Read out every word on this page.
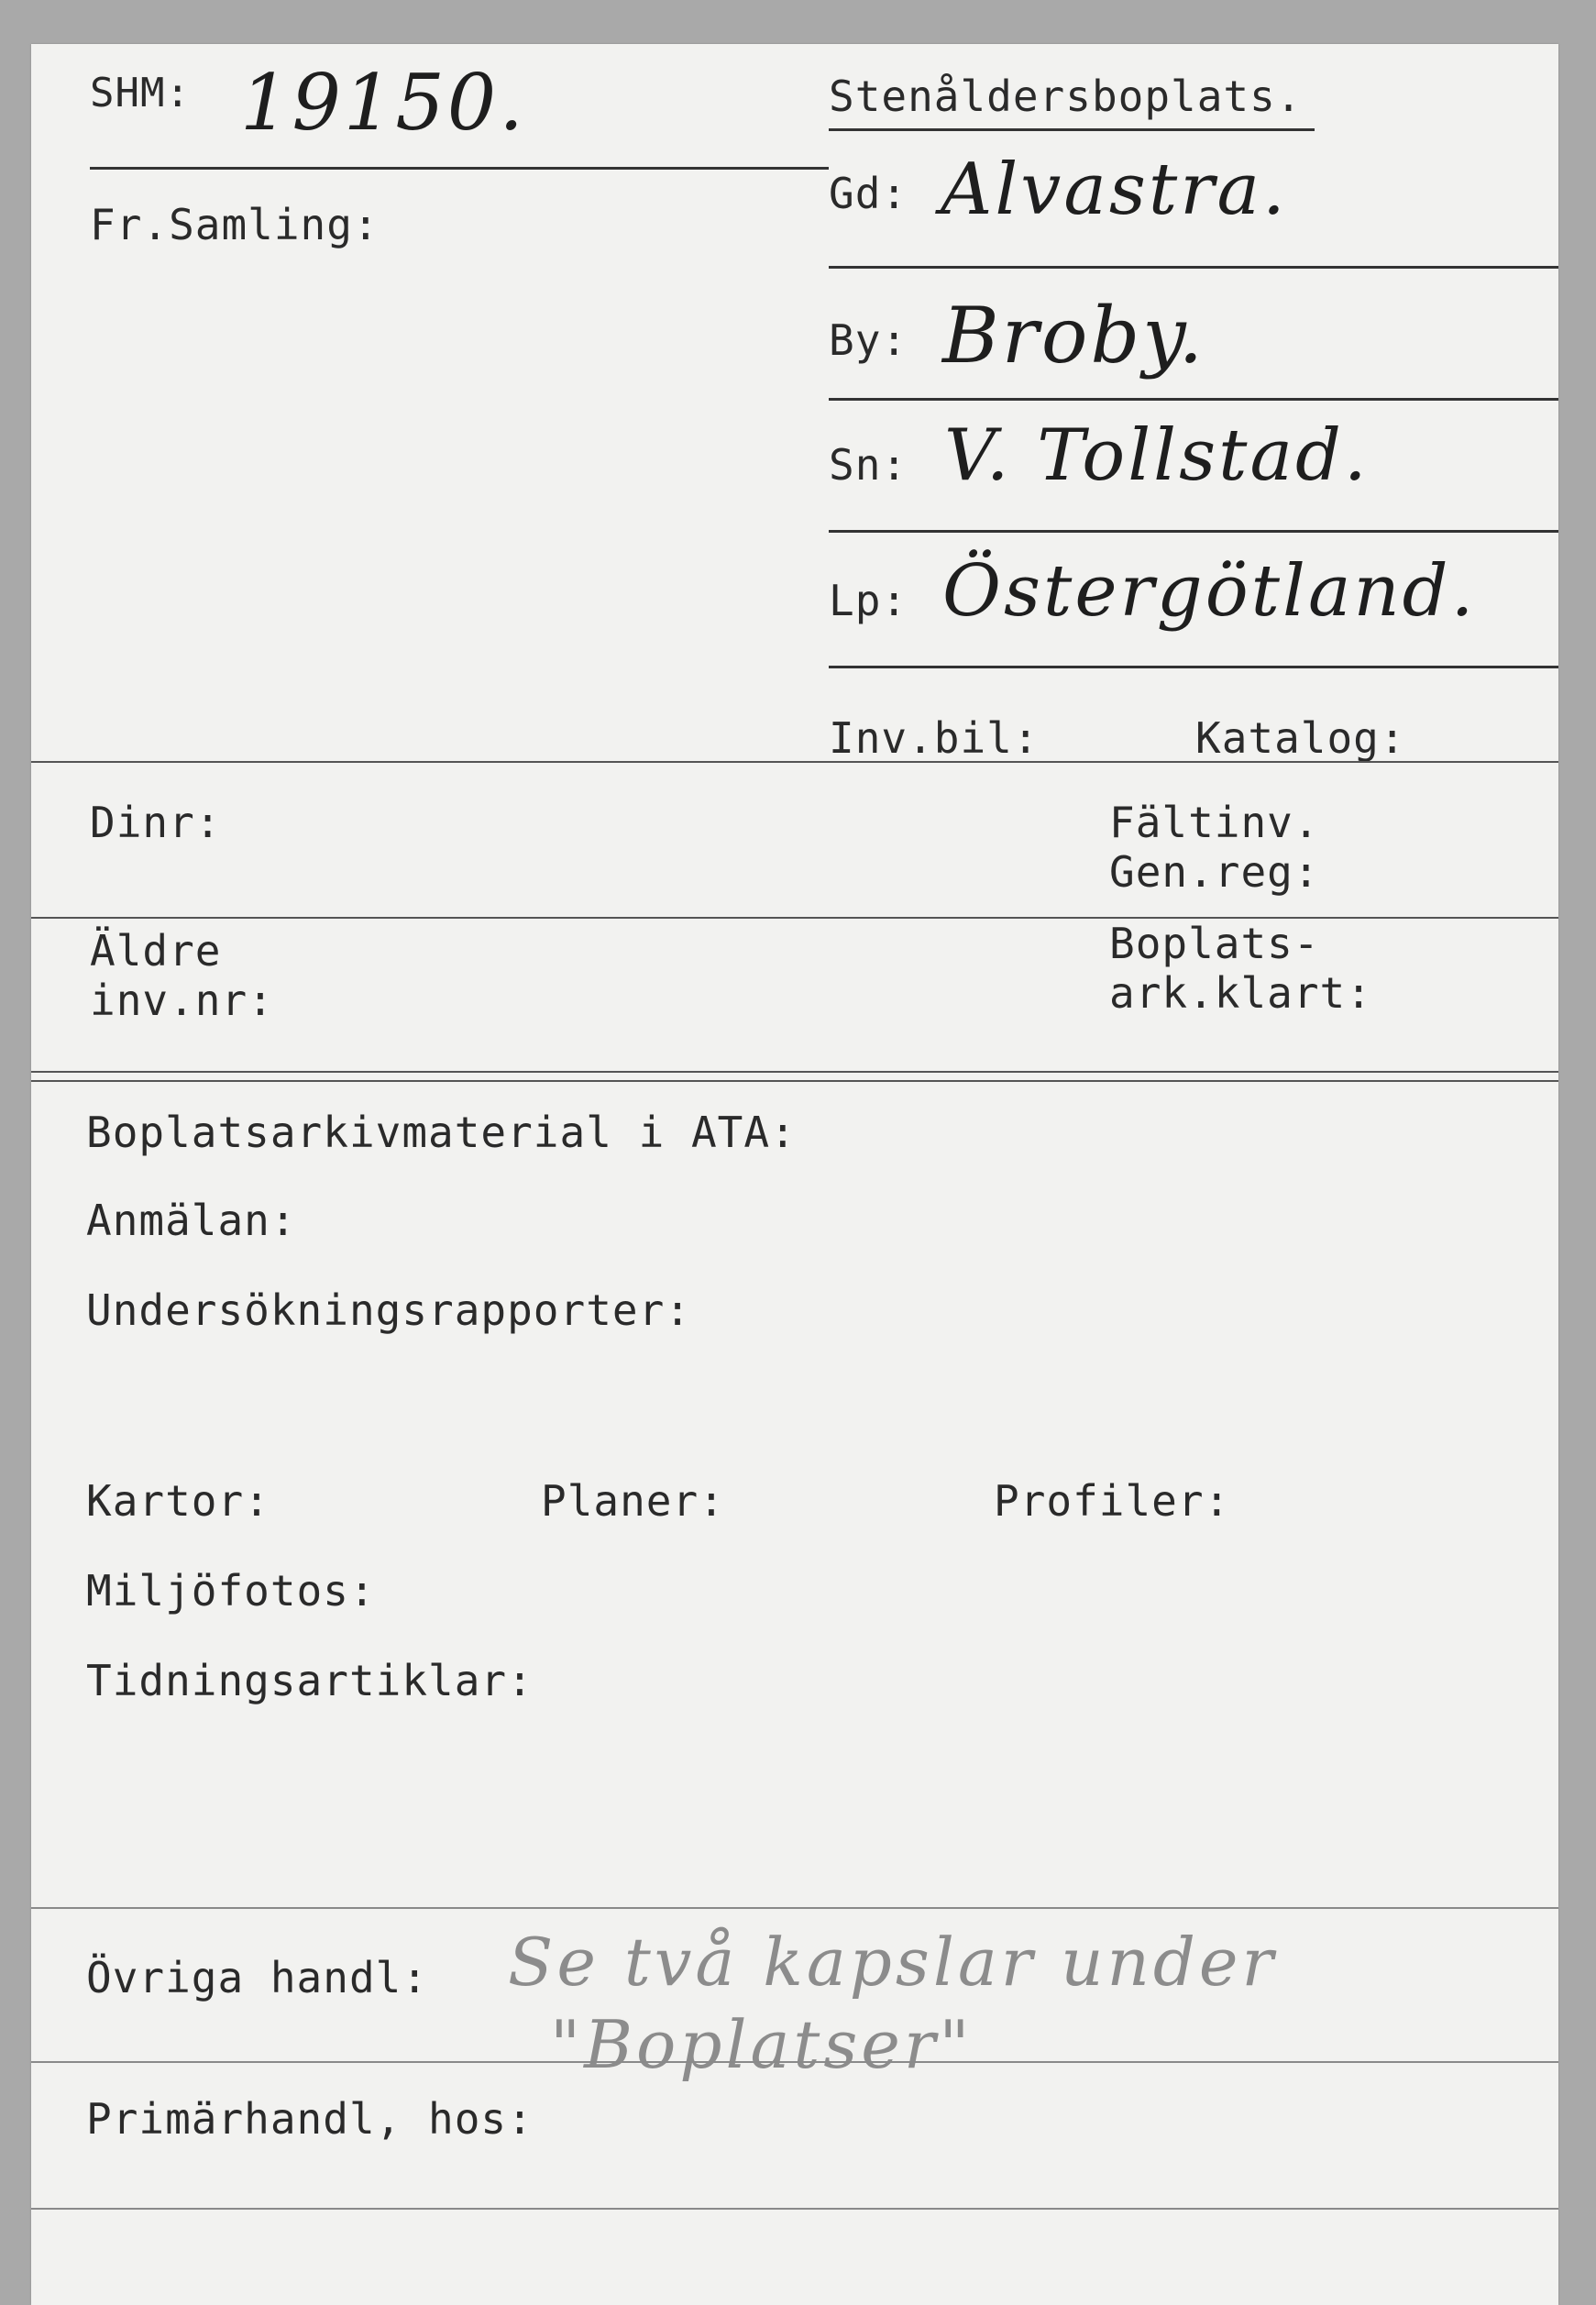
SHM: 19150.	Stenåldersboplats.
Fr.Samling:
Gd: Alvastra.
By: Broby.
Sn: V. Tollstad.
Lp: Östergötland.
Inv.bil:	Katalog:
Dinr:	Fältinv.
Gen.reg:
Äldre
inv.nr:
Boplats-
ark.klart:
Boplatsarkivmaterial i ATA:
Anmälan:
Undersökningsrapporter:
Kartor:	Planer:	Profiler:
Miljöfotos:
Tidningsartiklar:
Övriga handl: Se två kapslar under
"Boplatser"
Primärhandl, hos:
